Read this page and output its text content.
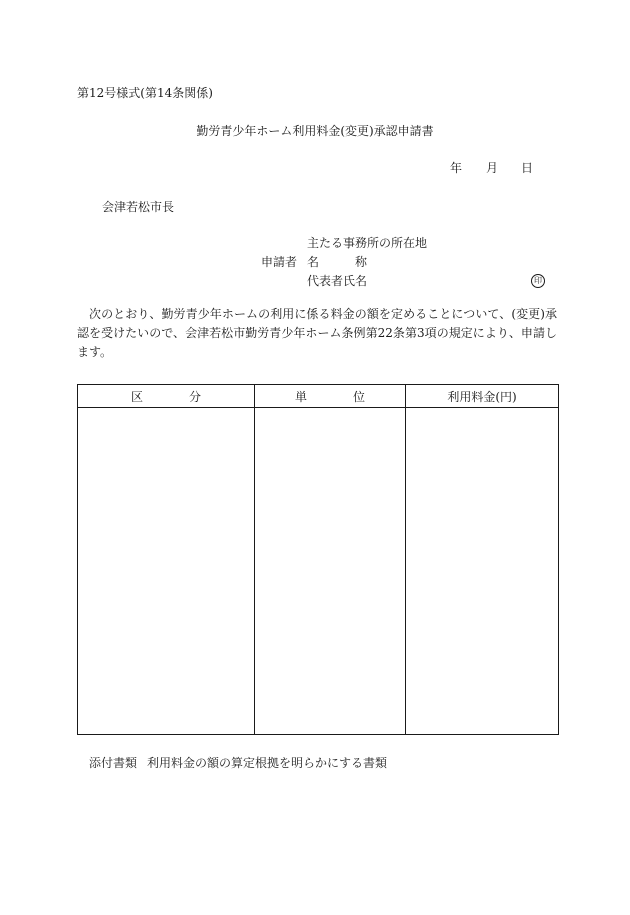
第12号様式(第14条関係)
勤労青少年ホーム利用料金(変更)承認申請書
年 月 日
会津若松市長
申請者
主たる事務所の所在地
名	称
代表者氏名	印
次のとおり、勤労青少年ホームの利用に係る料金の額を定めることについて、(変更)承認を受けたいので、会津若松市勤労青少年ホーム条例第22条第3項の規定により、申請します。
区 分	単 位	利用料金(円)

添付書類 利用料金の額の算定根拠を明らかにする書類
